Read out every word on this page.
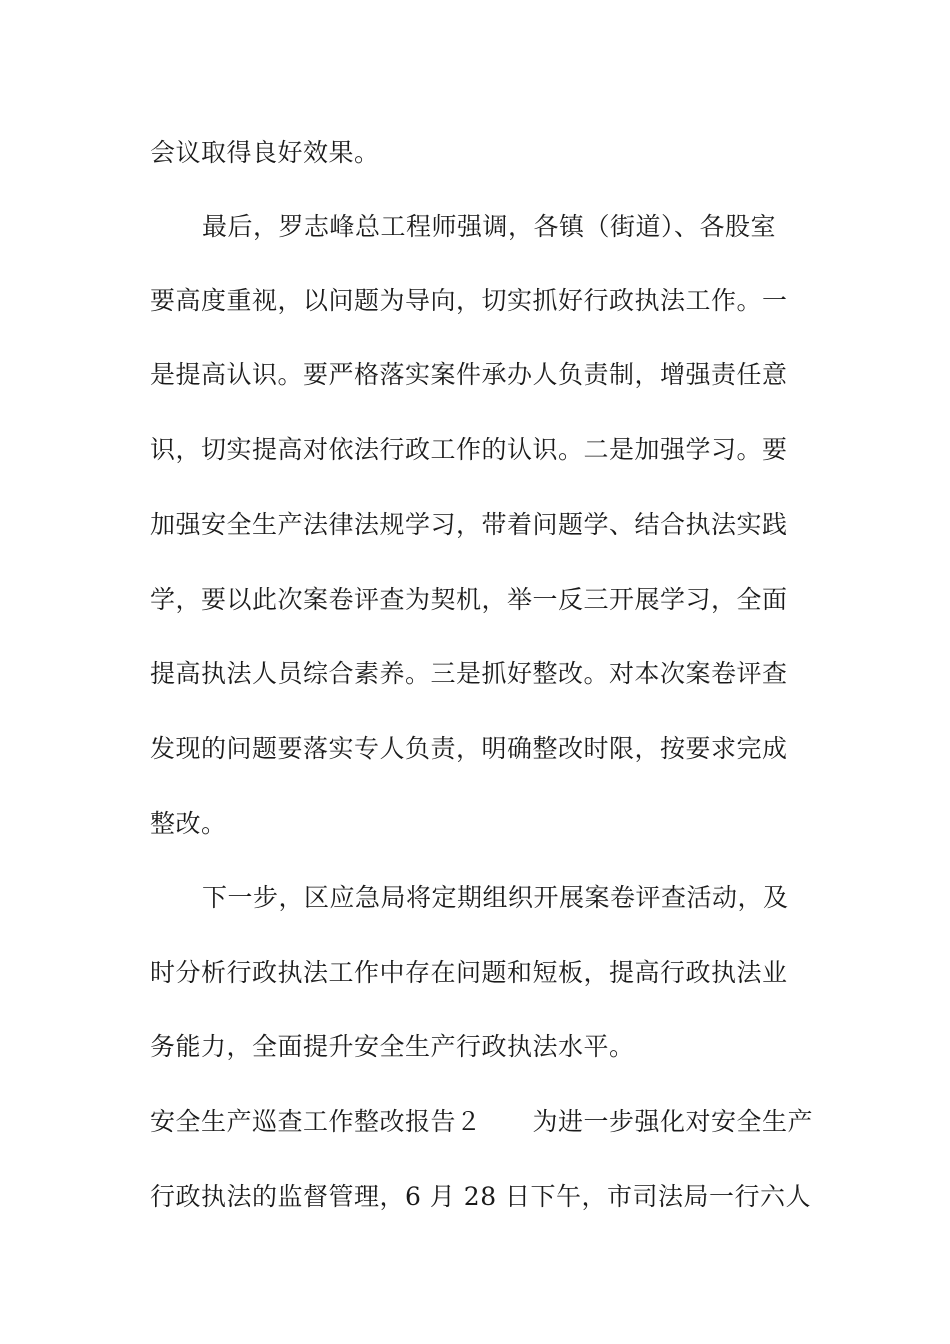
会议取得良好效果。
最后，罗志峰总工程师强调，各镇（街道）、各股室
要高度重视，以问题为导向，切实抓好行政执法工作。一
是提高认识。要严格落实案件承办人负责制，增强责任意
识，切实提高对依法行政工作的认识。二是加强学习。要
加强安全生产法律法规学习，带着问题学、结合执法实践
学，要以此次案卷评查为契机，举一反三开展学习，全面
提高执法人员综合素养。三是抓好整改。对本次案卷评查
发现的问题要落实专人负责，明确整改时限，按要求完成
整改。
下一步，区应急局将定期组织开展案卷评查活动，及
时分析行政执法工作中存在问题和短板，提高行政执法业
务能力，全面提升安全生产行政执法水平。
安全生产巡查工作整改报告２　　为进一步强化对安全生产
行政执法的监督管理，6 月 28 日下午，市司法局一行六人
